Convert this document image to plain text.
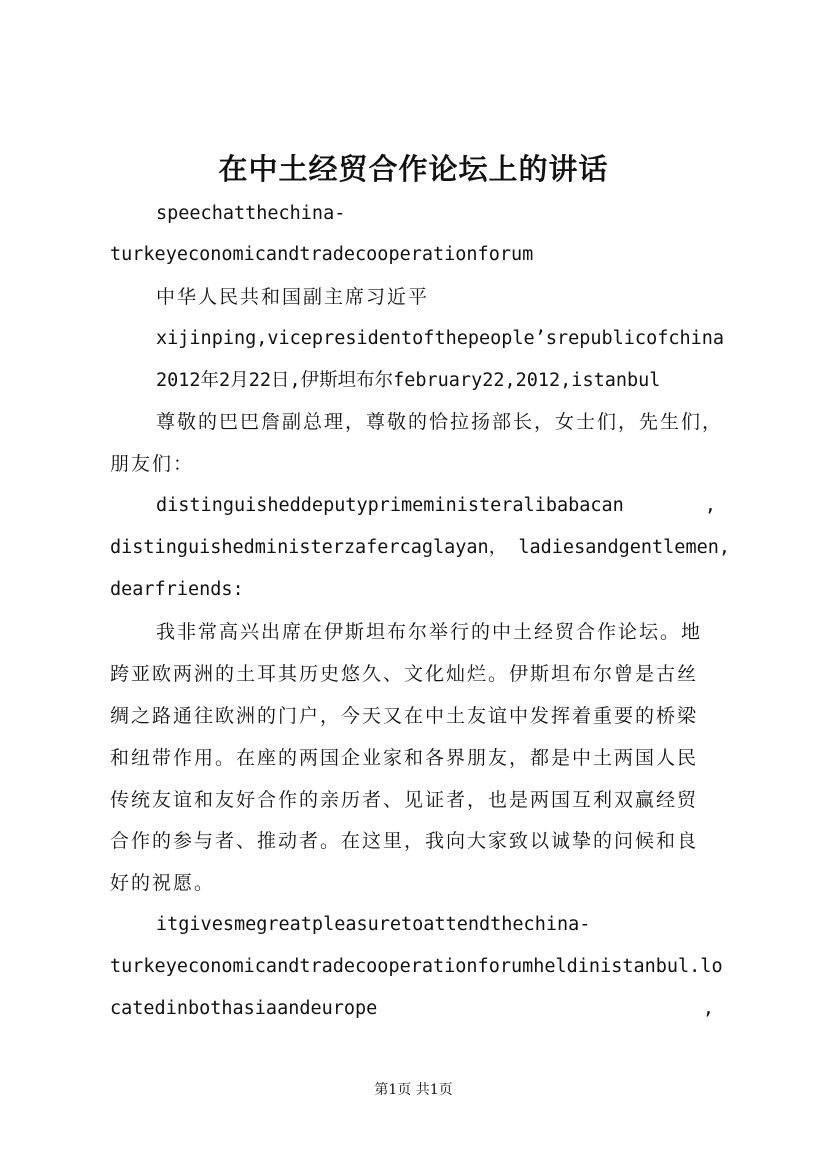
在中土经贸合作论坛上的讲话
speechatthechina-
turkeyeconomicandtradecooperationforum
中华人民共和国副主席习近平
xijinping,vicepresidentofthepeople’srepublicofchina
2012年2月22日,伊斯坦布尔february22,2012,istanbul
尊敬的巴巴詹副总理，尊敬的恰拉扬部长，女士们，先生们，
朋友们：
distinguisheddeputyprimeministeralibabacan	,
distinguishedministerzafercaglayan， ladiesandgentlemen,
dearfriends:
我非常高兴出席在伊斯坦布尔举行的中土经贸合作论坛。地
跨亚欧两洲的土耳其历史悠久、文化灿烂。伊斯坦布尔曾是古丝
绸之路通往欧洲的门户，今天又在中土友谊中发挥着重要的桥梁
和纽带作用。在座的两国企业家和各界朋友，都是中土两国人民
传统友谊和友好合作的亲历者、见证者，也是两国互利双赢经贸
合作的参与者、推动者。在这里，我向大家致以诚挚的问候和良
好的祝愿。
itgivesmegreatpleasuretoattendthechina-
turkeyeconomicandtradecooperationforumheldinistanbul.lo
catedinbothasiaandeurope	,
第1页 共1页
